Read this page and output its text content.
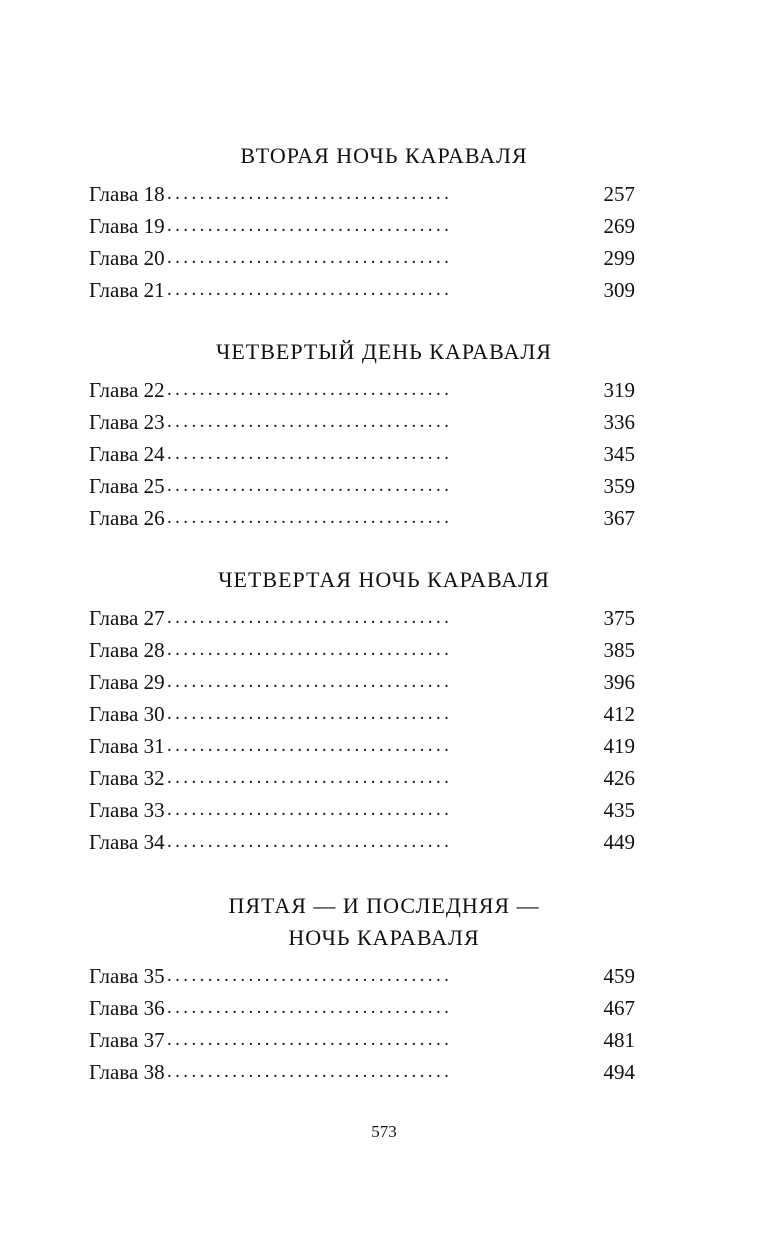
ВТОРАЯ НОЧЬ КАРАВАЛЯ
...................................
Глава 18	257
...................................
Глава 19	269
...................................
Глава 20	299
...................................
Глава 21	309
ЧЕТВЕРТЫЙ ДЕНЬ КАРАВАЛЯ
...................................
Глава 22	319
...................................
Глава 23	336
...................................
Глава 24	345
...................................
Глава 25	359
...................................
Глава 26	367
ЧЕТВЕРТАЯ НОЧЬ КАРАВАЛЯ
...................................
Глава 27	375
...................................
Глава 28	385
...................................
Глава 29	396
...................................
Глава 30	412
...................................
Глава 31	419
...................................
Глава 32	426
...................................
Глава 33	435
...................................
Глава 34	449
ПЯТАЯ — И ПОСЛЕДНЯЯ —
НОЧЬ КАРАВАЛЯ
...................................
Глава 35	459
...................................
Глава 36	467
...................................
Глава 37	481
...................................
Глава 38	494
573
